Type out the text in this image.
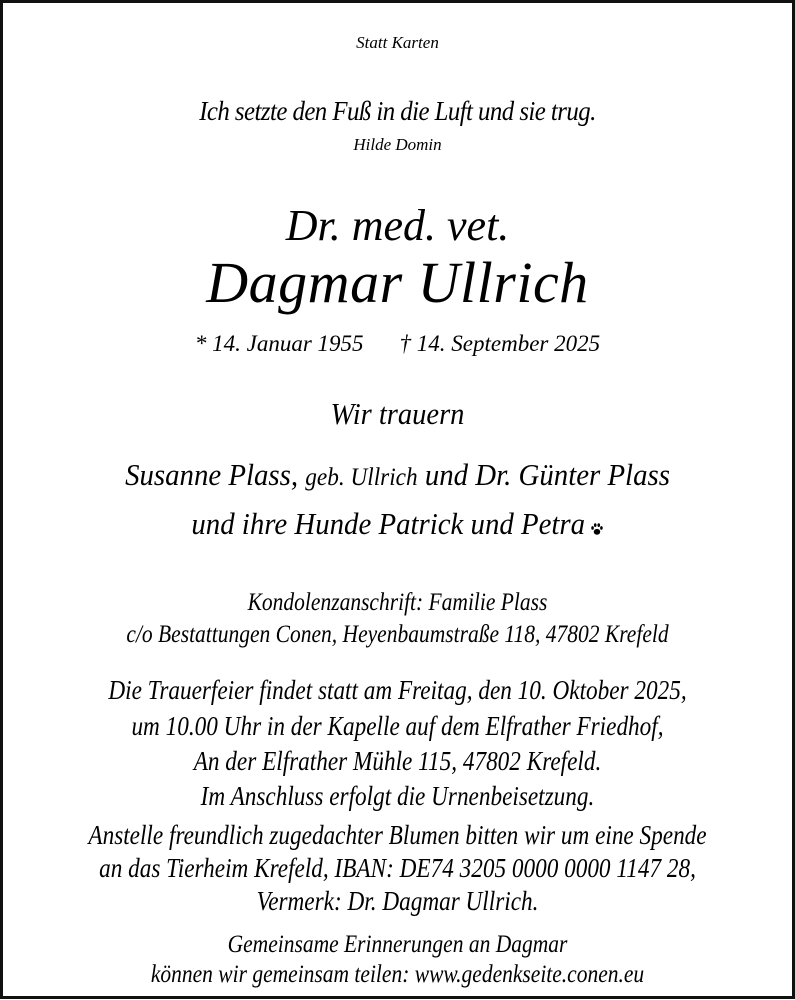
Statt Karten
Ich setzte den Fuß in die Luft und sie trug.
Hilde Domin
Dr. med. vet.
Dagmar Ullrich
* 14. Januar 1955 † 14. September 2025
Wir trauern
Susanne Plass, geb. Ullrich und Dr. Günter Plass
und ihre Hunde Patrick und Petra
Kondolenzanschrift: Familie Plass
c/o Bestattungen Conen, Heyenbaumstraße 118, 47802 Krefeld
Die Trauerfeier findet statt am Freitag, den 10. Oktober 2025,
um 10.00 Uhr in der Kapelle auf dem Elfrather Friedhof,
An der Elfrather Mühle 115, 47802 Krefeld.
Im Anschluss erfolgt die Urnenbeisetzung.
Anstelle freundlich zugedachter Blumen bitten wir um eine Spende
an das Tierheim Krefeld, IBAN: DE74 3205 0000 0000 1147 28,
Vermerk: Dr. Dagmar Ullrich.
Gemeinsame Erinnerungen an Dagmar
können wir gemeinsam teilen: www.gedenkseite.conen.eu
